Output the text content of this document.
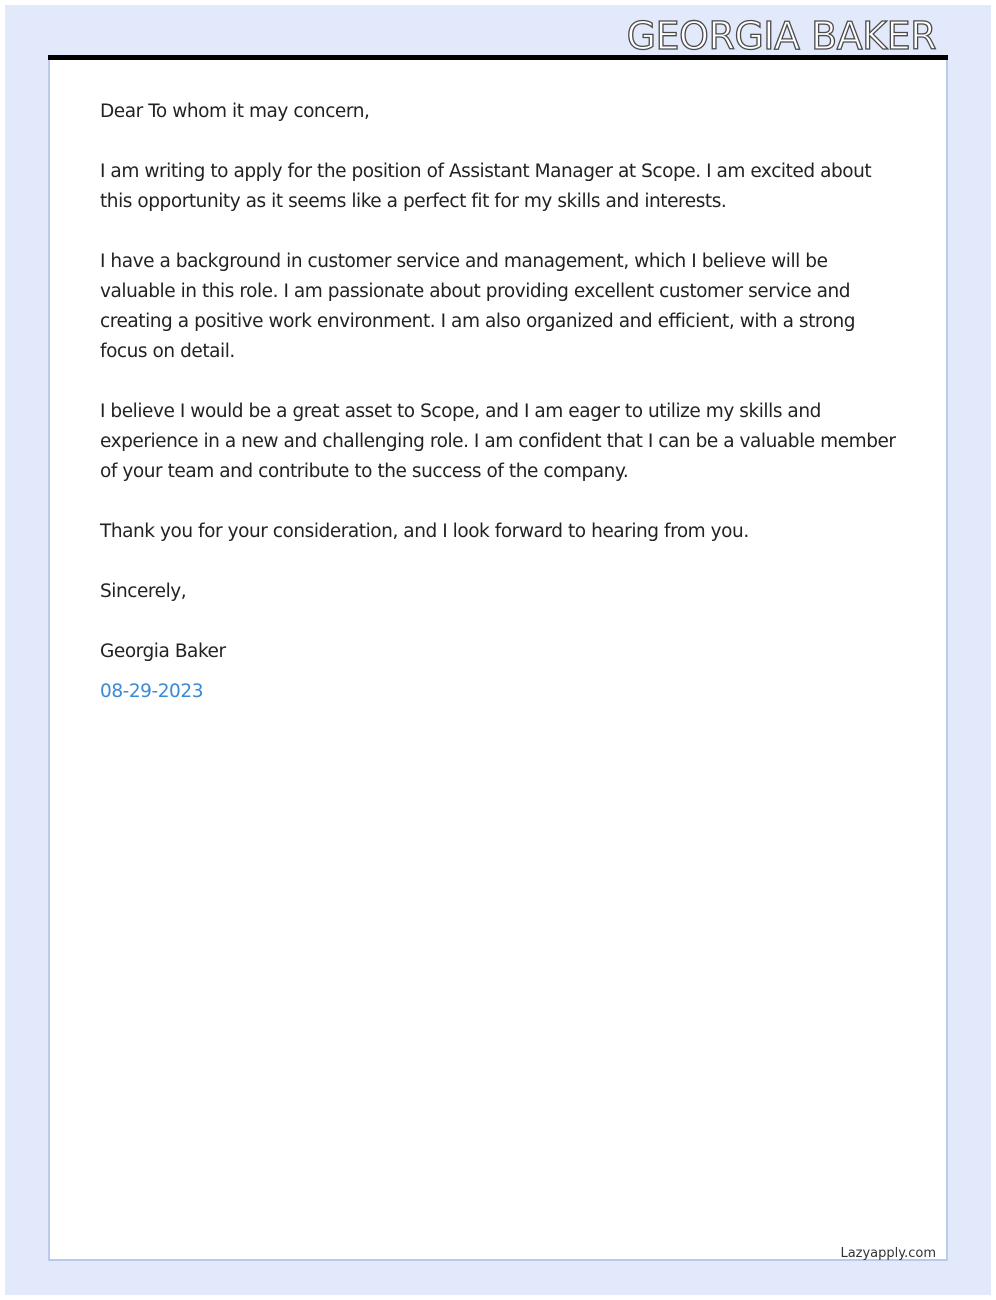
GEORGIA BAKER

Dear To whom it may concern,

I am writing to apply for the position of Assistant Manager at Scope. I am excited about this opportunity as it seems like a perfect fit for my skills and interests.

I have a background in customer service and management, which I believe will be valuable in this role. I am passionate about providing excellent customer service and creating a positive work environment. I am also organized and efficient, with a strong focus on detail.

I believe I would be a great asset to Scope, and I am eager to utilize my skills and experience in a new and challenging role. I am confident that I can be a valuable member of your team and contribute to the success of the company.

Thank you for your consideration, and I look forward to hearing from you.

Sincerely,

Georgia Baker

08-29-2023

Lazyapply.com
